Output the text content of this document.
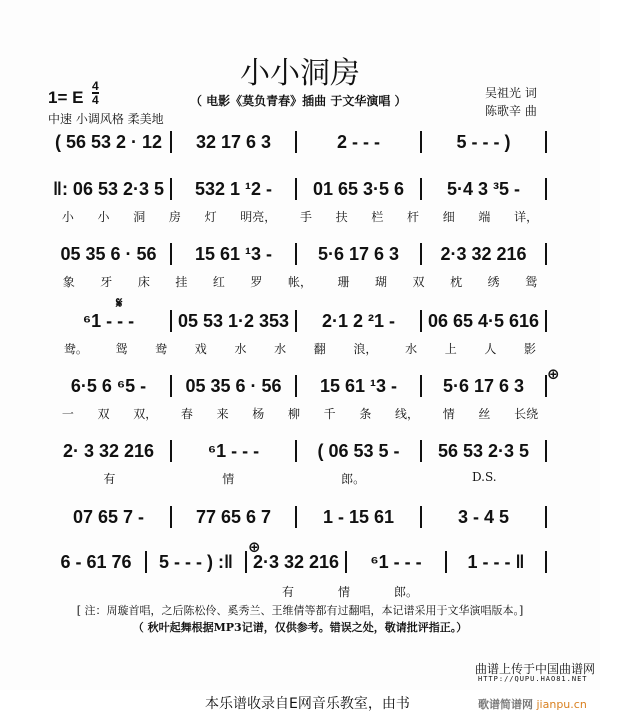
小小洞房
1= E $\frac{4}{4}$
中速 小调风格 柔美地
（ 电影《莫负青春》插曲 于文华演唱 ）
吴祖光 词
陈歌辛 曲
( 56 53 2 · 12	32 17 6 3	2 - - -	5 - - - )
‖: 06 53 2·3 5	532 1 ¹2 -	01 65 3·5 6	5·4 3 ³5 -
小 小 洞 房 灯 明亮， 手 扶 栏 杆 细 端 详，
05 35 6 · 56	15 61 ¹3 -	5·6 17 6 3	2·3 32 216
象 牙 床 挂 红 罗 帐， 珊 瑚 双 枕 绣 鸳
⁶1 - - -	05 53 1·2 353	2·1 2 ²1 -	06 65 4·5 616
鸯。 鸳 鸯 戏 水 水 翻 浪， 水 上 人 影
6·5 6 ⁶5 -	05 35 6 · 56	15 61 ¹3 -	5·6 17 6 3
一 双 双， 春 来 杨 柳 千 条 线， 情 丝 长绕
2· 3 32 216	⁶1 - - -	( 06 53 5 -	56 53 2·3 5
有	情	郎。	D.S.
07 65 7 -	77 65 6 7	1 - 15 61	3 - 4 5
6 - 61 76	5 - - - ) :‖	2·3 32 216	⁶1 - - -	1 - - - ‖
有	情	郎。
𝄋
⊕
⊕
[ 注：周璇首唱，之后陈松伶、奚秀兰、王维倩等都有过翻唱，本记谱采用于文华演唱版本。]
（ 秋叶起舞根据MP3记谱，仅供参考。错误之处，敬请批评指正。）
曲谱上传于中国曲谱网
HTTP://QUPU.HAO81.NET
本乐谱收录自E网音乐教室，由书	歌谱简谱网 jianpu.cn
